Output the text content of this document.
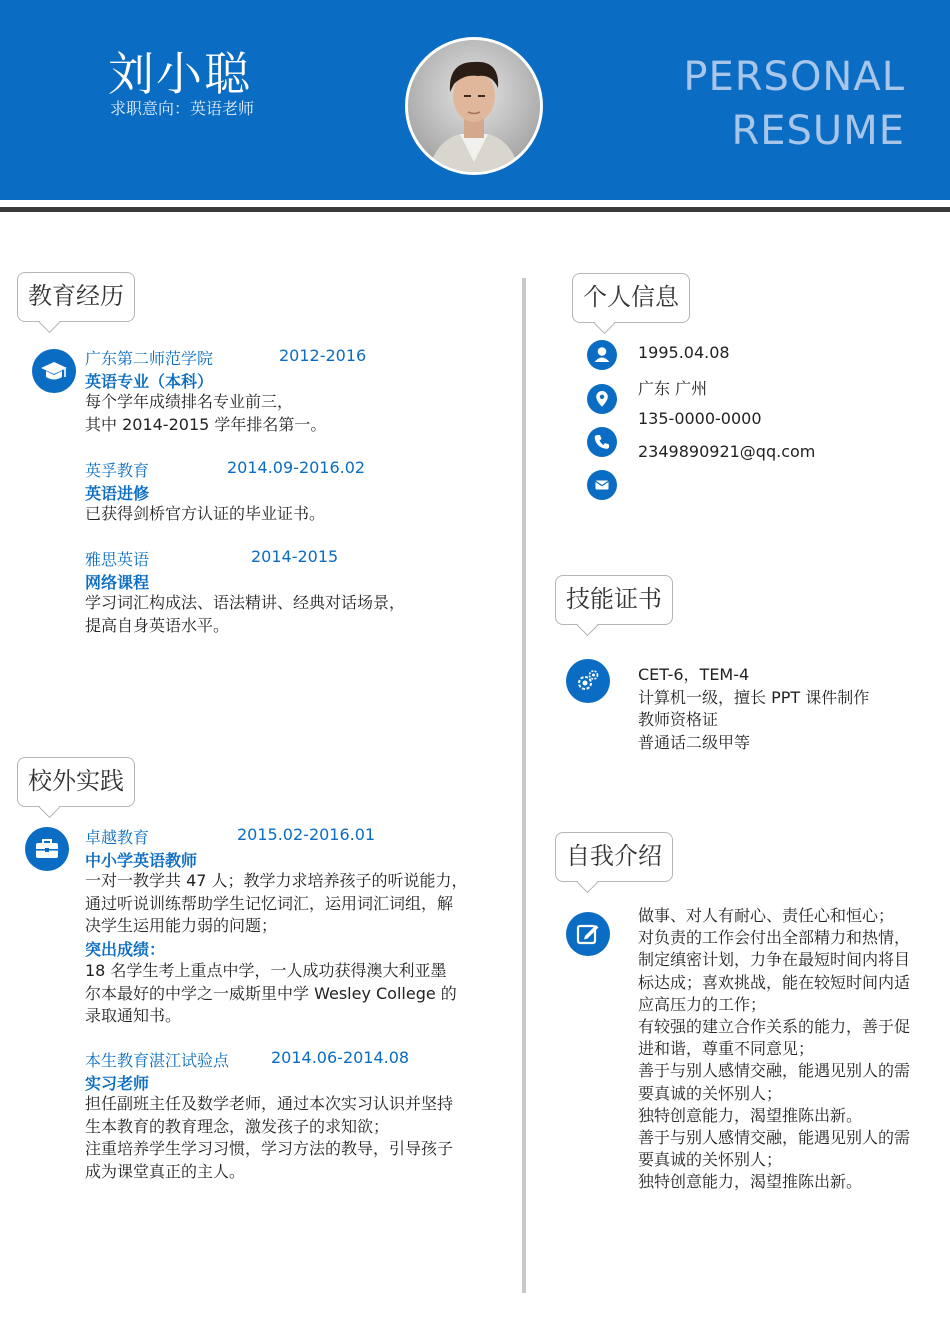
刘小聪
求职意向：英语老师
PERSONAL
RESUME
教育经历
广东第二师范学院	2012-2016
英语专业（本科）
每个学年成绩排名专业前三，
其中 2014-2015 学年排名第一。
英孚教育	2014.09-2016.02
英语进修
已获得剑桥官方认证的毕业证书。
雅思英语	2014-2015
网络课程
学习词汇构成法、语法精讲、经典对话场景，
提高自身英语水平。
校外实践
卓越教育	2015.02-2016.01
中小学英语教师
一对一教学共 47 人；教学力求培养孩子的听说能力，
通过听说训练帮助学生记忆词汇，运用词汇词组，解
决学生运用能力弱的问题；
突出成绩：
18 名学生考上重点中学，一人成功获得澳大利亚墨
尔本最好的中学之一威斯里中学 Wesley College 的
录取通知书。
本生教育湛江试验点	2014.06-2014.08
实习老师
担任副班主任及数学老师，通过本次实习认识并坚持
生本教育的教育理念，激发孩子的求知欲；
注重培养学生学习习惯，学习方法的教导，引导孩子
成为课堂真正的主人。
个人信息
1995.04.08
广东 广州
135-0000-0000
2349890921@qq.com
技能证书
CET-6，TEM-4
计算机一级，擅长 PPT 课件制作
教师资格证
普通话二级甲等
自我介绍
做事、对人有耐心、责任心和恒心；
对负责的工作会付出全部精力和热情，
制定缜密计划，力争在最短时间内将目
标达成；喜欢挑战，能在较短时间内适
应高压力的工作；
有较强的建立合作关系的能力，善于促
进和谐，尊重不同意见；
善于与别人感情交融，能遇见别人的需
要真诚的关怀别人；
独特创意能力，渴望推陈出新。
善于与别人感情交融，能遇见别人的需
要真诚的关怀别人；
独特创意能力，渴望推陈出新。
